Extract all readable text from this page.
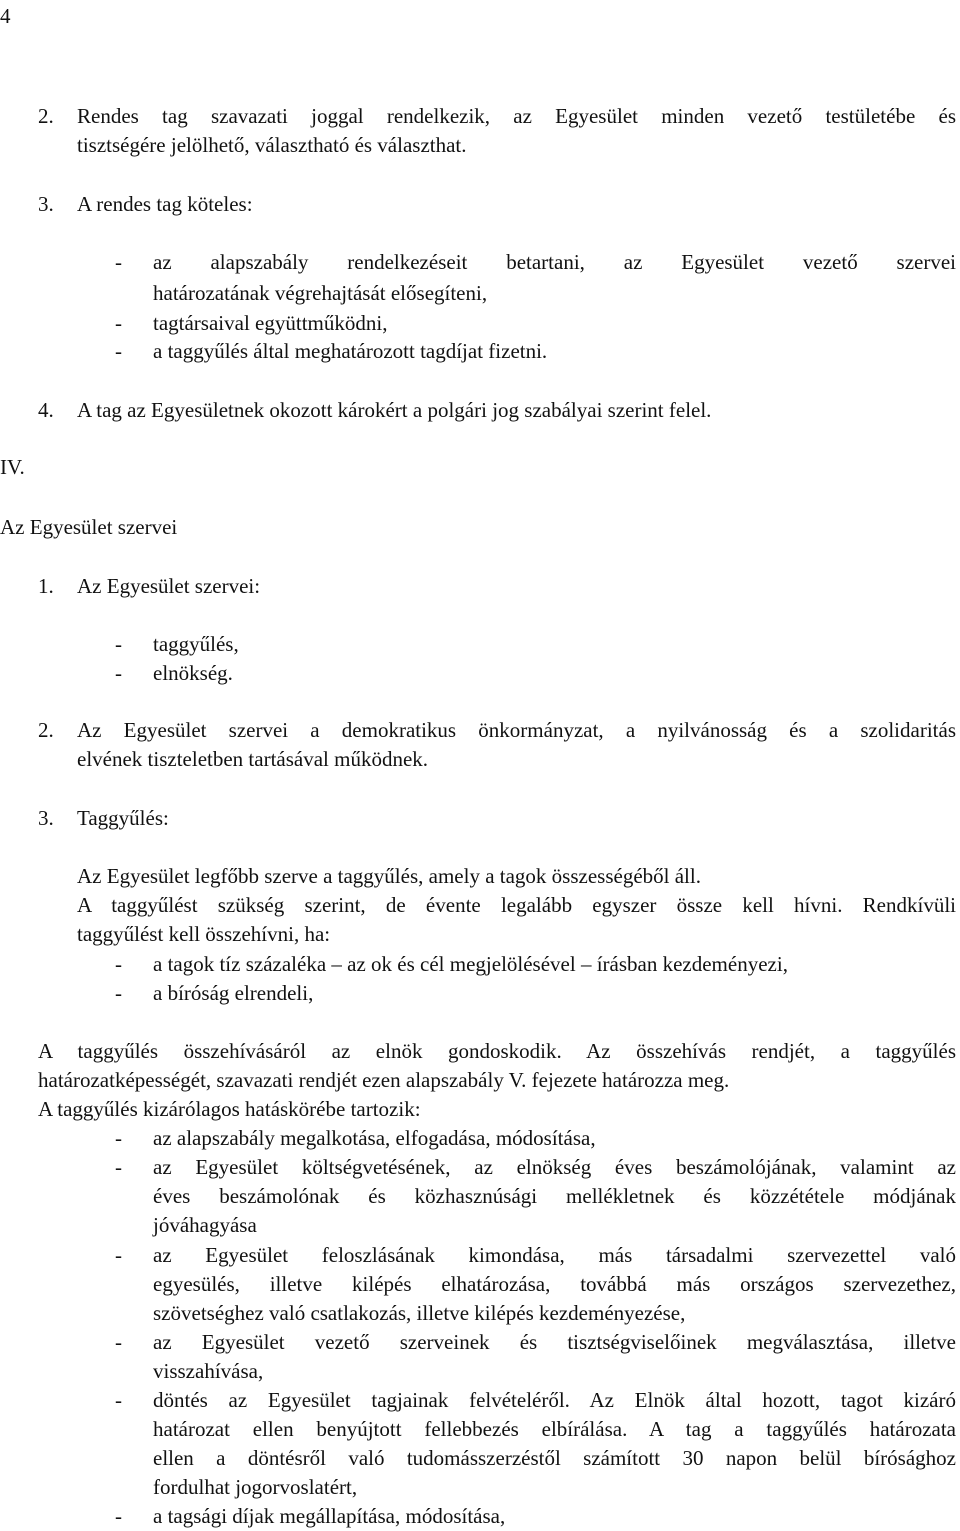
4
2. Rendes tag szavazati joggal rendelkezik, az Egyesület minden vezető testületébe és
tisztségére jelölhető, választható és választhat.
3. A rendes tag köteles:
- az alapszabály rendelkezéseit betartani, az Egyesület vezető szervei
határozatának végrehajtását elősegíteni,
- tagtársaival együttműködni,
- a taggyűlés által meghatározott tagdíjat fizetni.
4. A tag az Egyesületnek okozott károkért a polgári jog szabályai szerint felel.
IV.
Az Egyesület szervei
1. Az Egyesület szervei:
- taggyűlés,
- elnökség.
2. Az Egyesület szervei a demokratikus önkormányzat, a nyilvánosság és a szolidaritás
elvének tiszteletben tartásával működnek.
3. Taggyűlés:
Az Egyesület legfőbb szerve a taggyűlés, amely a tagok összességéből áll.
A taggyűlést szükség szerint, de évente legalább egyszer össze kell hívni. Rendkívüli
taggyűlést kell összehívni, ha:
- a tagok tíz százaléka – az ok és cél megjelölésével – írásban kezdeményezi,
- a bíróság elrendeli,
A taggyűlés összehívásáról az elnök gondoskodik. Az összehívás rendjét, a taggyűlés
határozatképességét, szavazati rendjét ezen alapszabály V. fejezete határozza meg.
A taggyűlés kizárólagos hatáskörébe tartozik:
- az alapszabály megalkotása, elfogadása, módosítása,
- az Egyesület költségvetésének, az elnökség éves beszámolójának, valamint az
éves beszámolónak és közhasznúsági mellékletnek és közzététele módjának
jóváhagyása
- az Egyesület feloszlásának kimondása, más társadalmi szervezettel való
egyesülés, illetve kilépés elhatározása, továbbá más országos szervezethez,
szövetséghez való csatlakozás, illetve kilépés kezdeményezése,
- az Egyesület vezető szerveinek és tisztségviselőinek megválasztása, illetve
visszahívása,
- döntés az Egyesület tagjainak felvételéről. Az Elnök által hozott, tagot kizáró
határozat ellen benyújtott fellebbezés elbírálása. A tag a taggyűlés határozata
ellen a döntésről való tudomásszerzéstől számított 30 napon belül bírósághoz
fordulhat jogorvoslatért,
- a tagsági díjak megállapítása, módosítása,
